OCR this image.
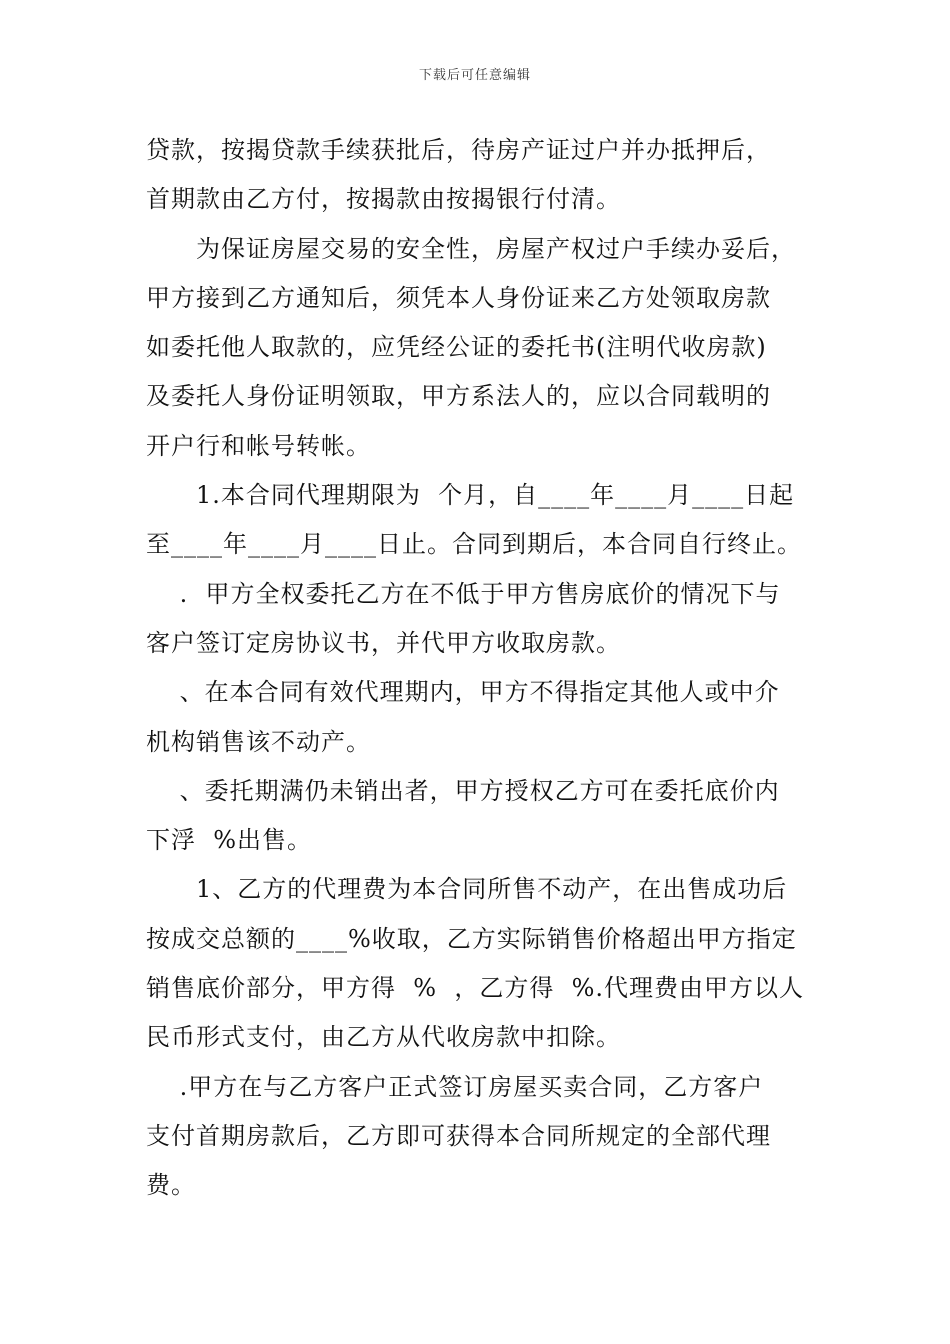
下载后可任意编辑
贷款，按揭贷款手续获批后，待房产证过户并办抵押后，
首期款由乙方付，按揭款由按揭银行付清。
　　为保证房屋交易的安全性，房屋产权过户手续办妥后，
甲方接到乙方通知后，须凭本人身份证来乙方处领取房款
如委托他人取款的，应凭经公证的委托书(注明代收房款)
及委托人身份证明领取，甲方系法人的，应以合同载明的
开户行和帐号转帐。
　　1.本合同代理期限为  个月，自____年____月____日起
至____年____月____日止。合同到期后，本合同自行终止。
　 .  甲方全权委托乙方在不低于甲方售房底价的情况下与
客户签订定房协议书，并代甲方收取房款。
　 、在本合同有效代理期内，甲方不得指定其他人或中介
机构销售该不动产。
　 、委托期满仍未销出者，甲方授权乙方可在委托底价内
下浮  %出售。
　　1、乙方的代理费为本合同所售不动产，在出售成功后
按成交总额的____%收取，乙方实际销售价格超出甲方指定
销售底价部分，甲方得  %  ，乙方得  %.代理费由甲方以人
民币形式支付，由乙方从代收房款中扣除。
　 .甲方在与乙方客户正式签订房屋买卖合同，乙方客户
支付首期房款后，乙方即可获得本合同所规定的全部代理
费。
